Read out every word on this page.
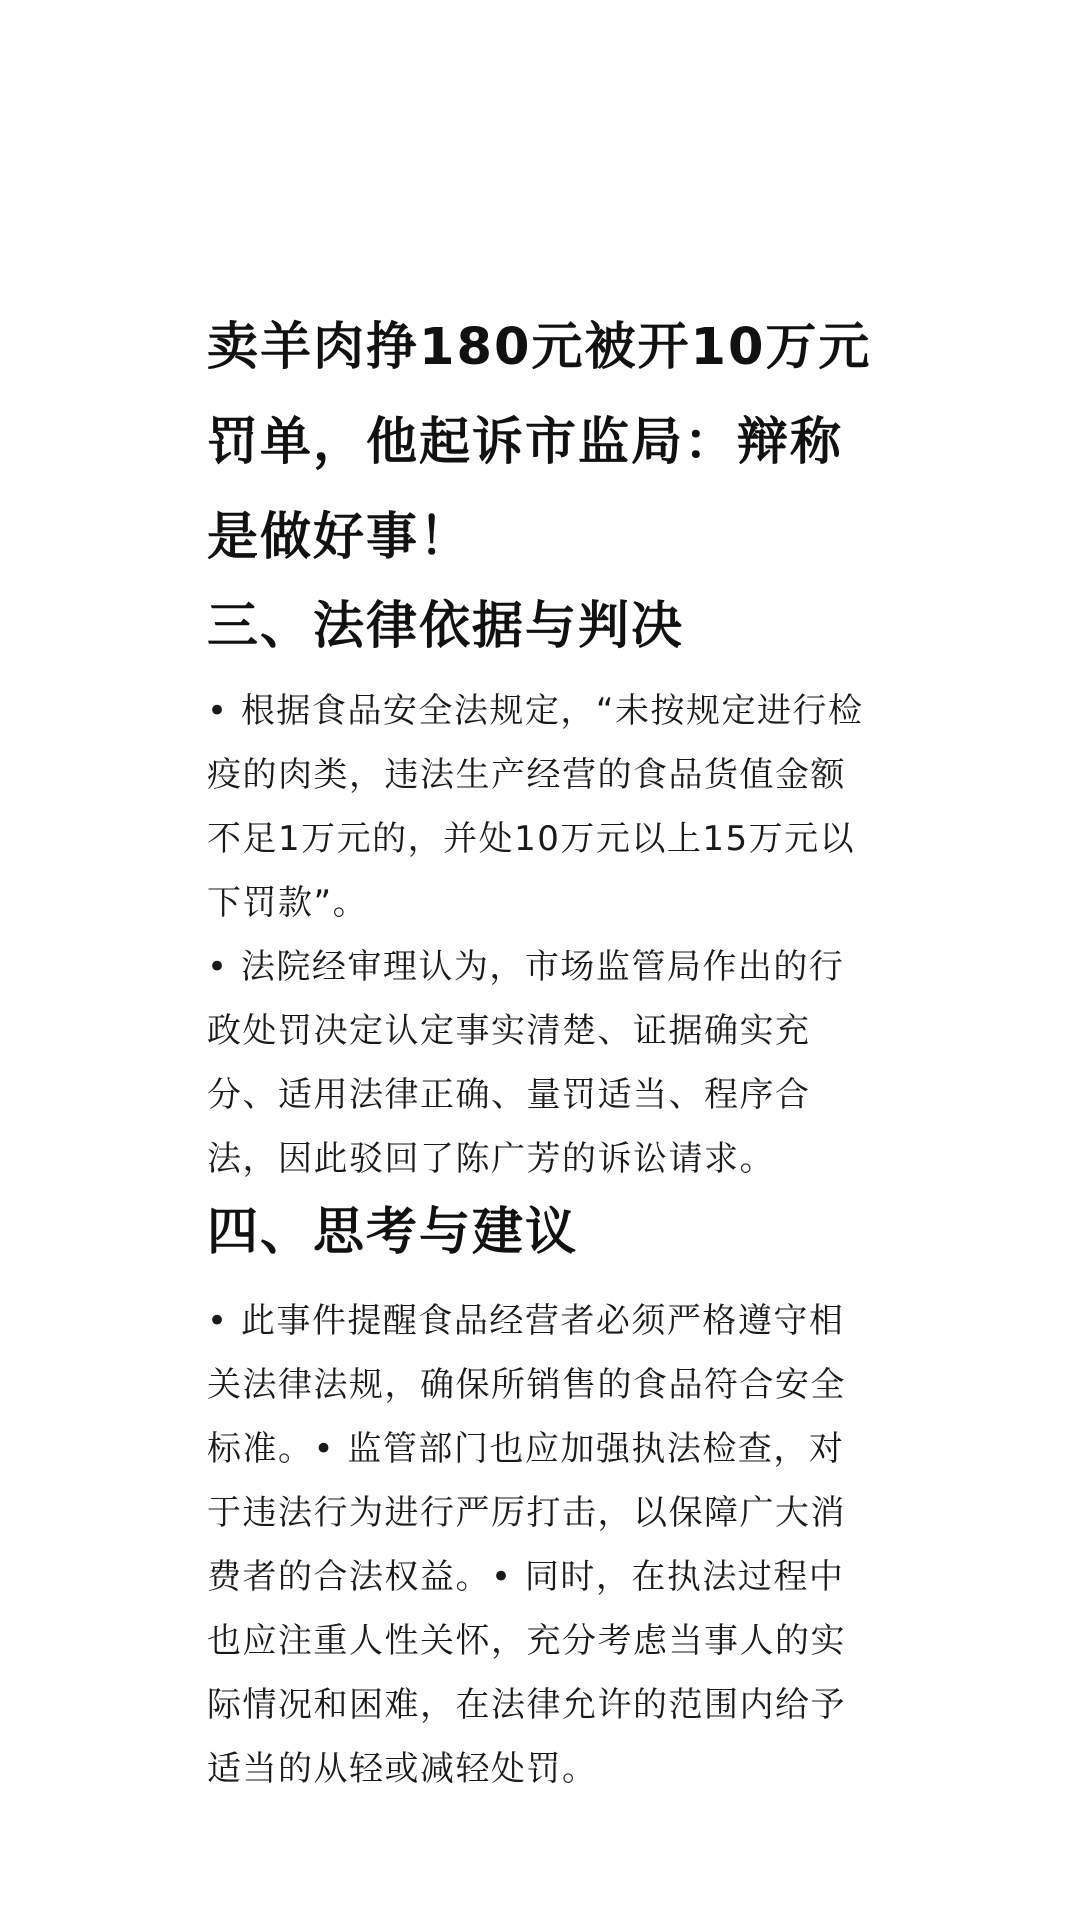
卖羊肉挣180元被开10万元罚单，他起诉市监局：辩称是做好事！
三、法律依据与判决

• 根据食品安全法规定，“未按规定进行检疫的肉类，违法生产经营的食品货值金额不足1万元的，并处10万元以上15万元以下罚款”。

• 法院经审理认为，市场监管局作出的行政处罚决定认定事实清楚、证据确实充分、适用法律正确、量罚适当、程序合法，因此驳回了陈广芳的诉讼请求。

四、思考与建议

• 此事件提醒食品经营者必须严格遵守相关法律法规，确保所销售的食品符合安全标准。• 监管部门也应加强执法检查，对于违法行为进行严厉打击，以保障广大消费者的合法权益。• 同时，在执法过程中也应注重人性关怀，充分考虑当事人的实际情况和困难，在法律允许的范围内给予适当的从轻或减轻处罚。
